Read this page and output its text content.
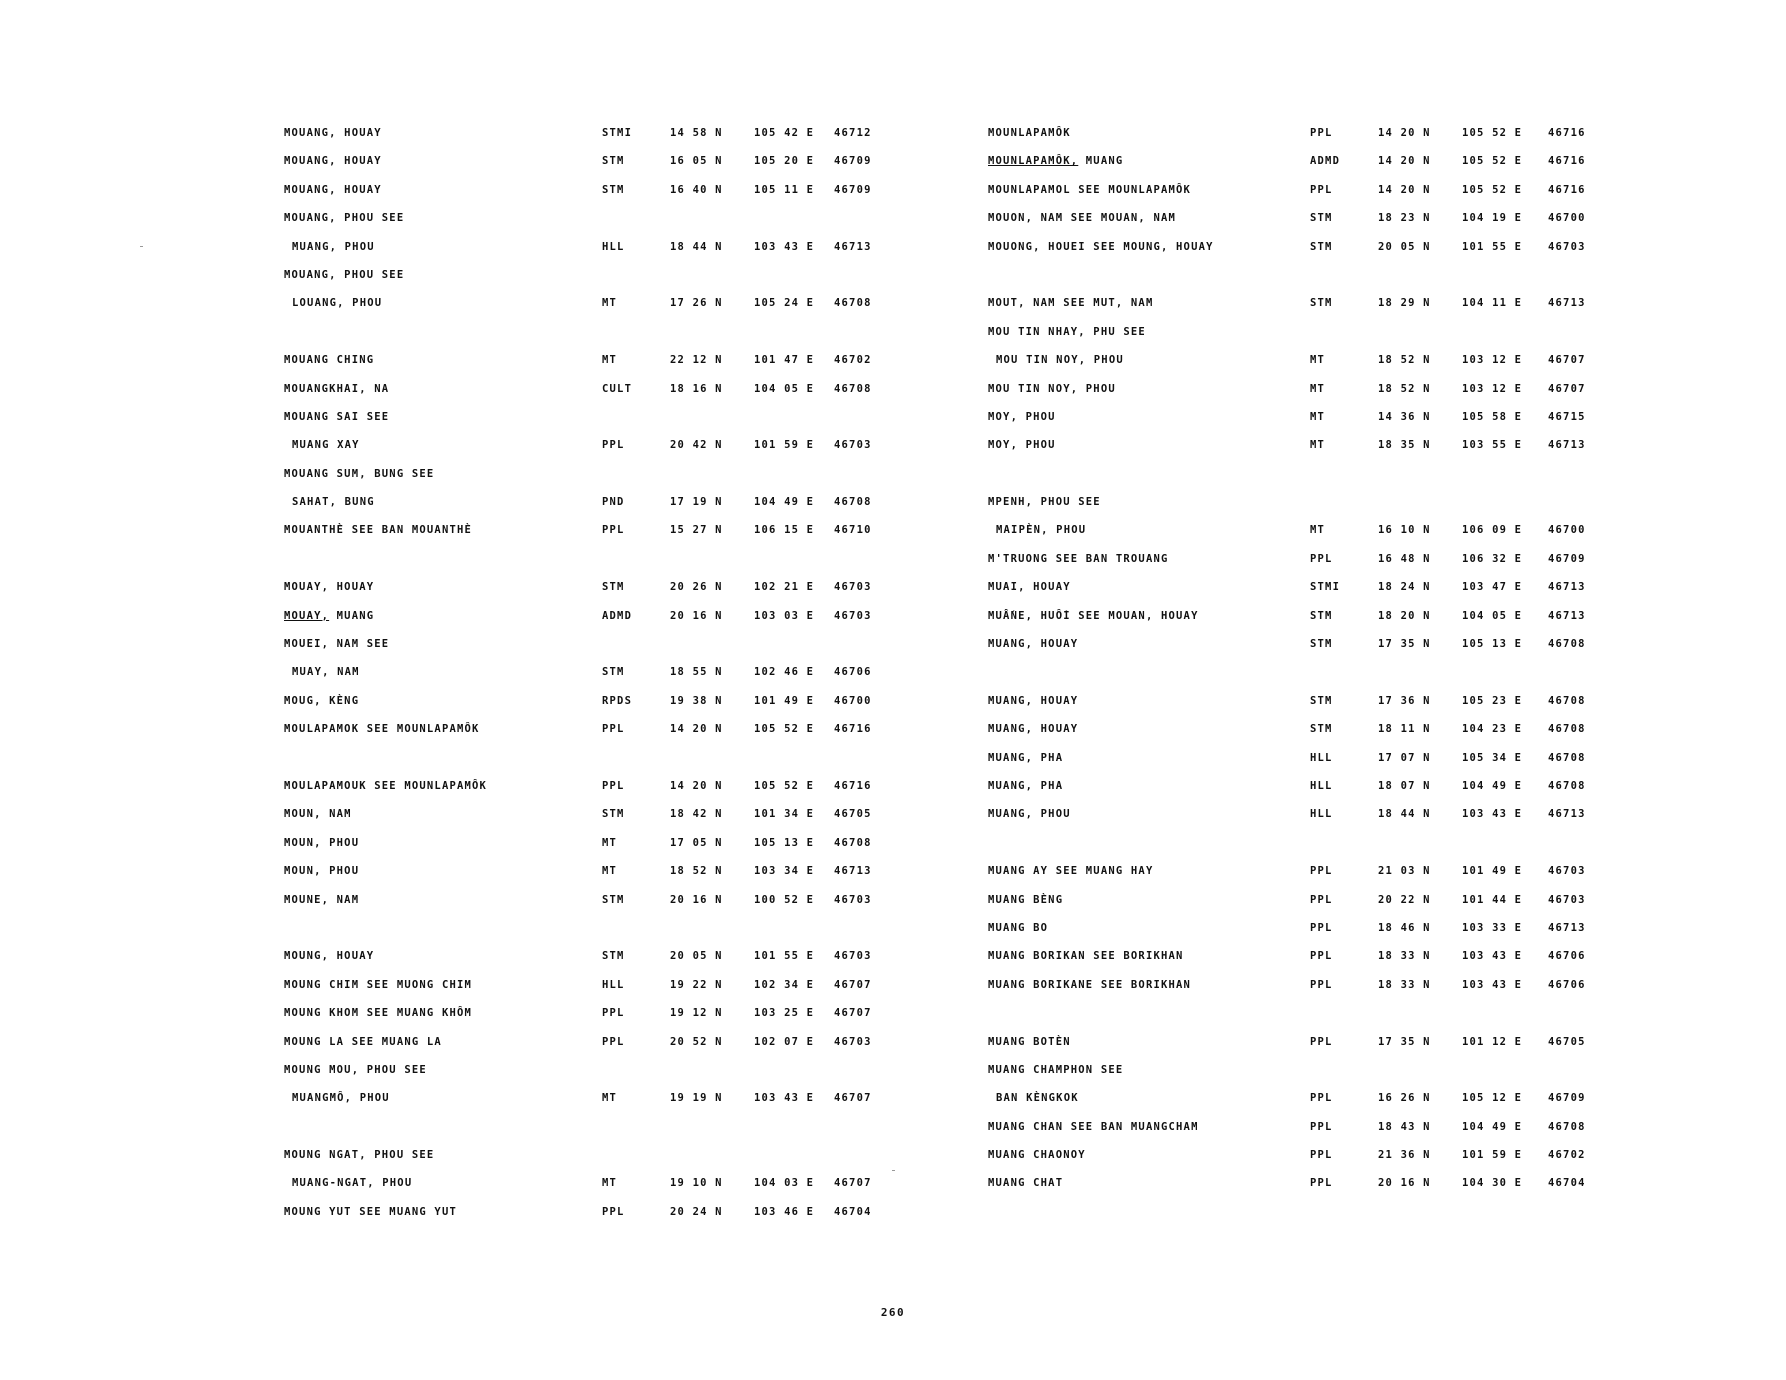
MOUANG, HOUAY	STMI	14 58 N	105 42 E 46712
MOUANG, HOUAY	STM	16 05 N	105 20 E 46709
MOUANG, HOUAY	STM	16 40 N	105 11 E 46709
MOUANG, PHOU SEE
MUANG, PHOU	HLL	18 44 N	103 43 E 46713
MOUANG, PHOU SEE
LOUANG, PHOU	MT	17 26 N	105 24 E 46708
MOUANG CHING	MT	22 12 N	101 47 E 46702
MOUANGKHAI, NA	CULT	18 16 N	104 05 E 46708
MOUANG SAI SEE
MUANG XAY	PPL	20 42 N	101 59 E 46703
MOUANG SUM, BUNG SEE
SAHAT, BUNG	PND	17 19 N	104 49 E 46708
MOUANTHÈ SEE BAN MOUANTHÈ	PPL	15 27 N	106 15 E 46710
MOUAY, HOUAY	STM	20 26 N	102 21 E 46703
MOUAY, MUANG	ADMD	20 16 N	103 03 E 46703
MOUEI, NAM SEE
MUAY, NAM	STM	18 55 N	102 46 E 46706
MOUG, KÈNG	RPDS	19 38 N	101 49 E 46700
MOULAPAMOK SEE MOUNLAPAMÔK	PPL	14 20 N	105 52 E 46716
MOULAPAMOUK SEE MOUNLAPAMÔK	PPL	14 20 N	105 52 E 46716
MOUN, NAM	STM	18 42 N	101 34 E 46705
MOUN, PHOU	MT	17 05 N	105 13 E 46708
MOUN, PHOU	MT	18 52 N	103 34 E 46713
MOUNE, NAM	STM	20 16 N	100 52 E 46703
MOUNG, HOUAY	STM	20 05 N	101 55 E 46703
MOUNG CHIM SEE MUONG CHIM	HLL	19 22 N	102 34 E 46707
MOUNG KHOM SEE MUANG KHÔM	PPL	19 12 N	103 25 E 46707
MOUNG LA SEE MUANG LA	PPL	20 52 N	102 07 E 46703
MOUNG MOU, PHOU SEE
MUANGMÔ, PHOU	MT	19 19 N	103 43 E 46707
MOUNG NGAT, PHOU SEE
MUANG-NGAT, PHOU	MT	19 10 N	104 03 E 46707
MOUNG YUT SEE MUANG YUT	PPL	20 24 N	103 46 E 46704
MOUNLAPAMÔK	PPL	14 20 N	105 52 E 46716
MOUNLAPAMÔK, MUANG	ADMD	14 20 N	105 52 E 46716
MOUNLAPAMOL SEE MOUNLAPAMÔK	PPL	14 20 N	105 52 E 46716
MOUON, NAM SEE MOUAN, NAM	STM	18 23 N	104 19 E 46700
MOUONG, HOUEI SEE MOUNG, HOUAY	STM	20 05 N	101 55 E 46703
MOUT, NAM SEE MUT, NAM	STM	18 29 N	104 11 E 46713
MOU TIN NHAY, PHU SEE
MOU TIN NOY, PHOU	MT	18 52 N	103 12 E 46707
MOU TIN NOY, PHOU	MT	18 52 N	103 12 E 46707
MOY, PHOU	MT	14 36 N	105 58 E 46715
MOY, PHOU	MT	18 35 N	103 55 E 46713
MPENH, PHOU SEE
MAIPÈN, PHOU	MT	16 10 N	106 09 E 46700
M'TRUONG SEE BAN TROUANG	PPL	16 48 N	106 32 E 46709
MUAI, HOUAY	STMI	18 24 N	103 47 E 46713
MUẤNE, HUỐI SEE MOUAN, HOUAY	STM	18 20 N	104 05 E 46713
MUANG, HOUAY	STM	17 35 N	105 13 E 46708
MUANG, HOUAY	STM	17 36 N	105 23 E 46708
MUANG, HOUAY	STM	18 11 N	104 23 E 46708
MUANG, PHA	HLL	17 07 N	105 34 E 46708
MUANG, PHA	HLL	18 07 N	104 49 E 46708
MUANG, PHOU	HLL	18 44 N	103 43 E 46713
MUANG AY SEE MUANG HAY	PPL	21 03 N	101 49 E 46703
MUANG BÈNG	PPL	20 22 N	101 44 E 46703
MUANG BO	PPL	18 46 N	103 33 E 46713
MUANG BORIKAN SEE BORIKHAN	PPL	18 33 N	103 43 E 46706
MUANG BORIKANE SEE BORIKHAN	PPL	18 33 N	103 43 E 46706
MUANG BOTÈN	PPL	17 35 N	101 12 E 46705
MUANG CHAMPHON SEE
BAN KÈNGKOK	PPL	16 26 N	105 12 E 46709
MUANG CHAN SEE BAN MUANGCHAM	PPL	18 43 N	104 49 E 46708
MUANG CHAONOY	PPL	21 36 N	101 59 E 46702
MUANG CHAT	PPL	20 16 N	104 30 E 46704
260
